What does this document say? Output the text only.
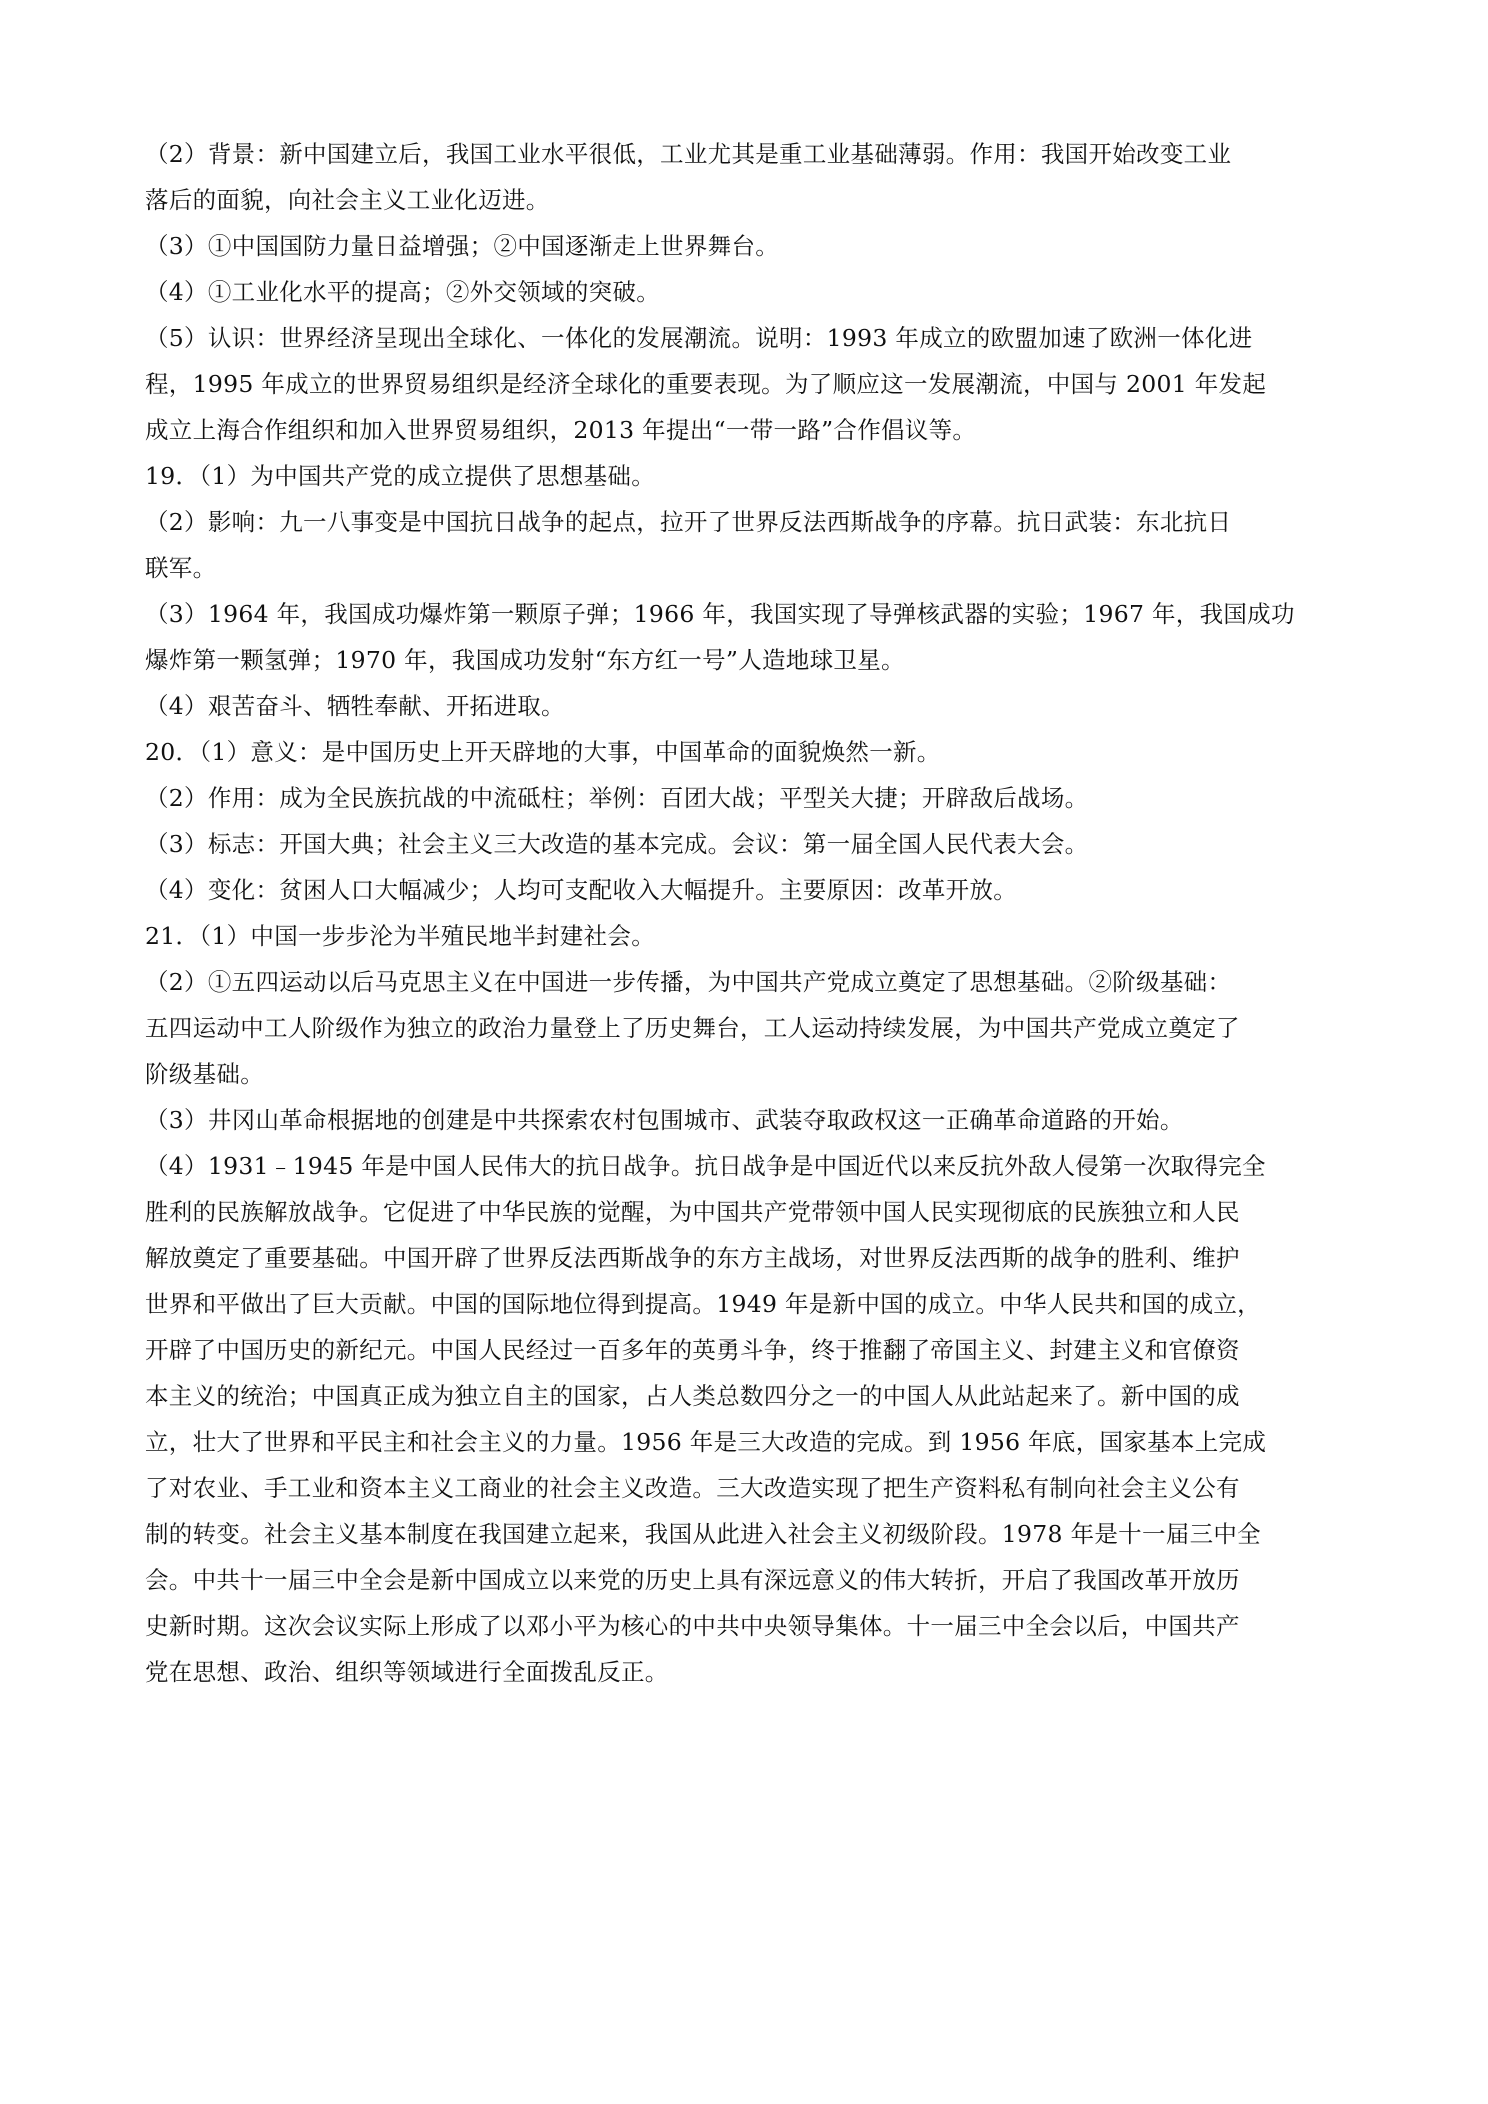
（2）背景：新中国建立后，我国工业水平很低，工业尤其是重工业基础薄弱。作用：我国开始改变工业
落后的面貌，向社会主义工业化迈进。
（3）①中国国防力量日益增强；②中国逐渐走上世界舞台。
（4）①工业化水平的提高；②外交领域的突破。
（5）认识：世界经济呈现出全球化、一体化的发展潮流。说明：1993 年成立的欧盟加速了欧洲一体化进
程，1995 年成立的世界贸易组织是经济全球化的重要表现。为了顺应这一发展潮流，中国与 2001 年发起
成立上海合作组织和加入世界贸易组织，2013 年提出“一带一路”合作倡议等。
19．（1）为中国共产党的成立提供了思想基础。
（2）影响：九一八事变是中国抗日战争的起点，拉开了世界反法西斯战争的序幕。抗日武装：东北抗日
联军。
（3）1964 年，我国成功爆炸第一颗原子弹；1966 年，我国实现了导弹核武器的实验；1967 年，我国成功
爆炸第一颗氢弹；1970 年，我国成功发射“东方红一号”人造地球卫星。
（4）艰苦奋斗、牺牲奉献、开拓进取。
20．（1）意义：是中国历史上开天辟地的大事，中国革命的面貌焕然一新。
（2）作用：成为全民族抗战的中流砥柱；举例：百团大战；平型关大捷；开辟敌后战场。
（3）标志：开国大典；社会主义三大改造的基本完成。会议：第一届全国人民代表大会。
（4）变化：贫困人口大幅减少；人均可支配收入大幅提升。主要原因：改革开放。
21．（1）中国一步步沦为半殖民地半封建社会。
（2）①五四运动以后马克思主义在中国进一步传播，为中国共产党成立奠定了思想基础。②阶级基础：
五四运动中工人阶级作为独立的政治力量登上了历史舞台，工人运动持续发展，为中国共产党成立奠定了
阶级基础。
（3）井冈山革命根据地的创建是中共探索农村包围城市、武装夺取政权这一正确革命道路的开始。
（4）1931﹣1945 年是中国人民伟大的抗日战争。抗日战争是中国近代以来反抗外敌人侵第一次取得完全
胜利的民族解放战争。它促进了中华民族的觉醒，为中国共产党带领中国人民实现彻底的民族独立和人民
解放奠定了重要基础。中国开辟了世界反法西斯战争的东方主战场，对世界反法西斯的战争的胜利、维护
世界和平做出了巨大贡献。中国的国际地位得到提高。1949 年是新中国的成立。中华人民共和国的成立，
开辟了中国历史的新纪元。中国人民经过一百多年的英勇斗争，终于推翻了帝国主义、封建主义和官僚资
本主义的统治；中国真正成为独立自主的国家，占人类总数四分之一的中国人从此站起来了。新中国的成
立，壮大了世界和平民主和社会主义的力量。1956 年是三大改造的完成。到 1956 年底，国家基本上完成
了对农业、手工业和资本主义工商业的社会主义改造。三大改造实现了把生产资料私有制向社会主义公有
制的转变。社会主义基本制度在我国建立起来，我国从此进入社会主义初级阶段。1978 年是十一届三中全
会。中共十一届三中全会是新中国成立以来党的历史上具有深远意义的伟大转折，开启了我国改革开放历
史新时期。这次会议实际上形成了以邓小平为核心的中共中央领导集体。十一届三中全会以后，中国共产
党在思想、政治、组织等领域进行全面拨乱反正。
